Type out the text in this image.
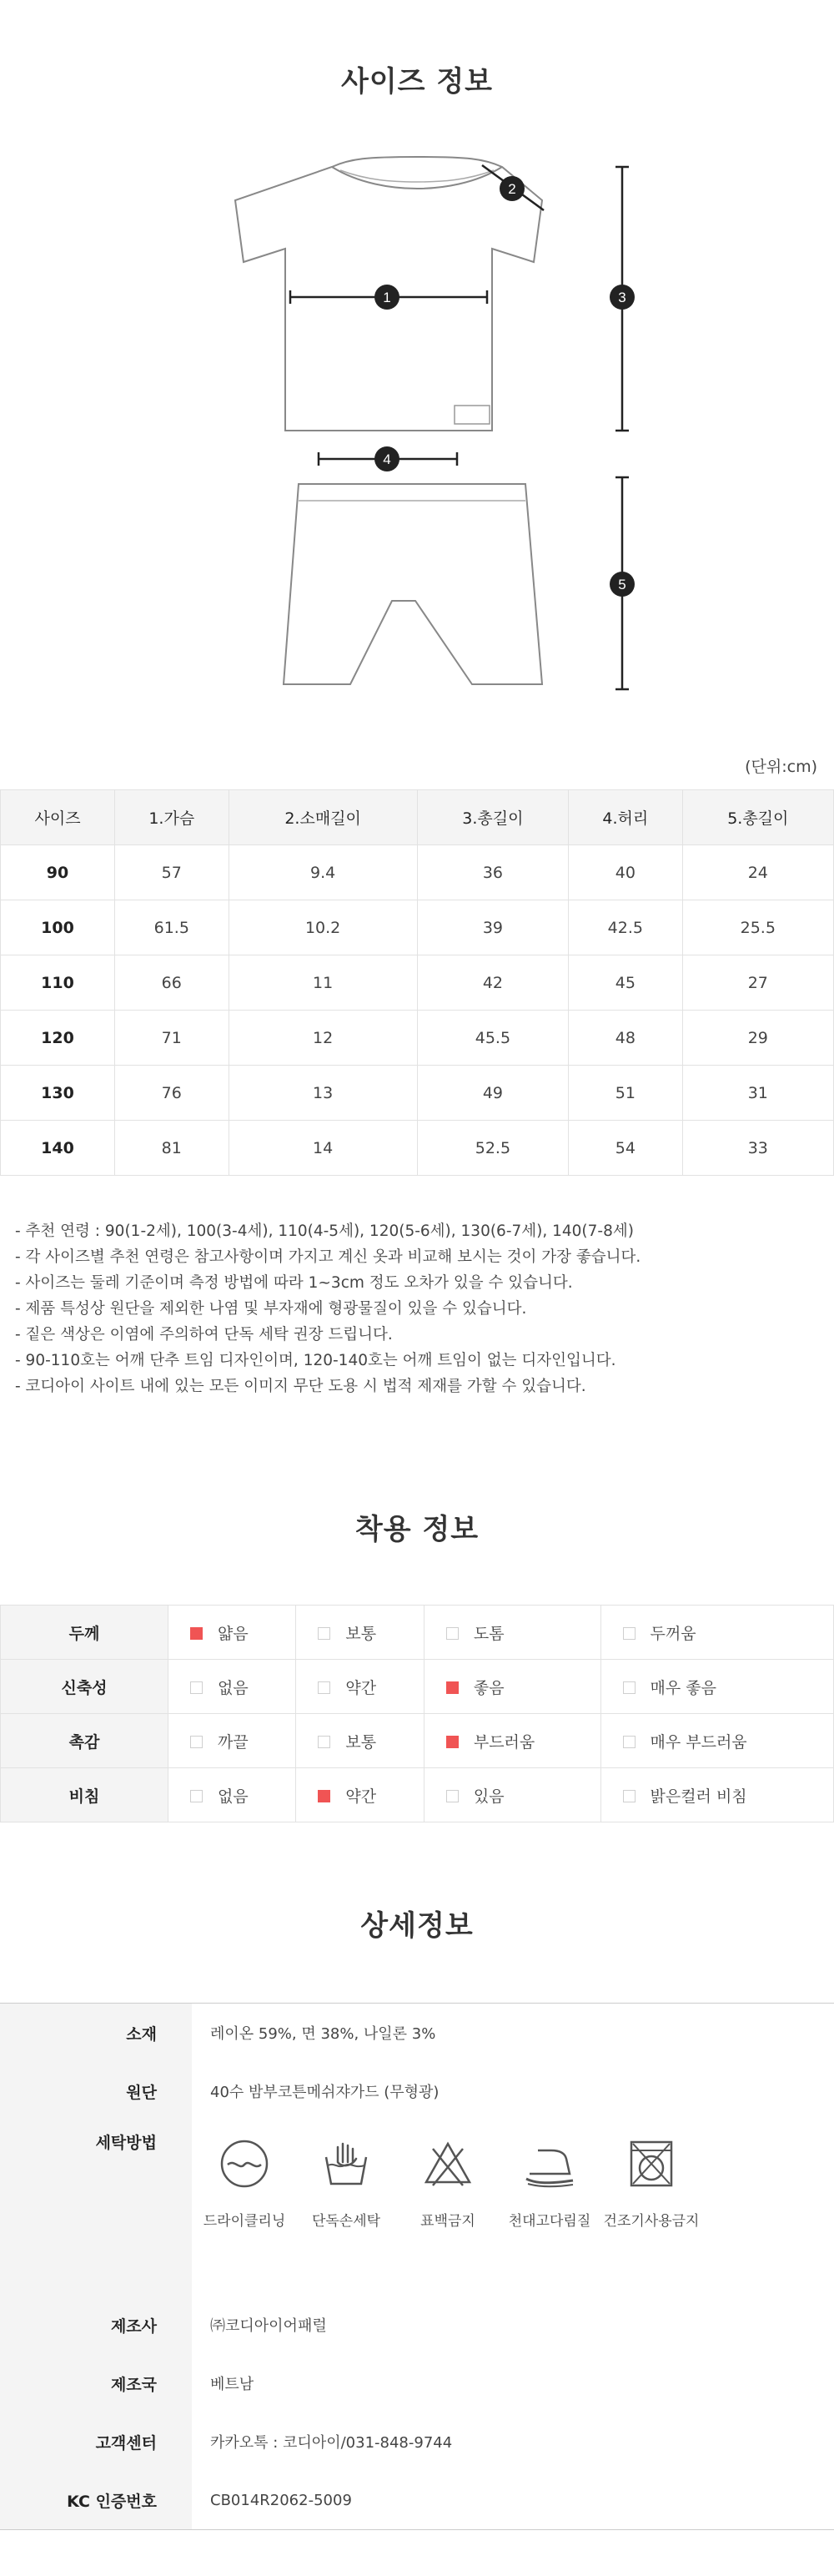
사이즈 정보
1
2
3
4
5
(단위:cm)
사이즈	1.가슴	2.소매길이	3.총길이	4.허리	5.총길이
90	57	9.4	36	40	24
100	61.5	10.2	39	42.5	25.5
110	66	11	42	45	27
120	71	12	45.5	48	29
130	76	13	49	51	31
140	81	14	52.5	54	33
- 추천 연령 : 90(1-2세), 100(3-4세), 110(4-5세), 120(5-6세), 130(6-7세), 140(7-8세)
- 각 사이즈별 추천 연령은 참고사항이며 가지고 계신 옷과 비교해 보시는 것이 가장 좋습니다.
- 사이즈는 둘레 기준이며 측정 방법에 따라 1~3cm 정도 오차가 있을 수 있습니다.
- 제품 특성상 원단을 제외한 나염 및 부자재에 형광물질이 있을 수 있습니다.
- 짙은 색상은 이염에 주의하여 단독 세탁 권장 드립니다.
- 90-110호는 어깨 단추 트임 디자인이며, 120-140호는 어깨 트임이 없는 디자인입니다.
- 코디아이 사이트 내에 있는 모든 이미지 무단 도용 시 법적 제재를 가할 수 있습니다.
착용 정보
두께	얇음	보통	도톰	두꺼움
신축성	없음	약간	좋음	매우 좋음
촉감	까끌	보통	부드러움	매우 부드러움
비침	없음	약간	있음	밝은컬러 비침
상세정보
소재	레이온 59%, 면 38%, 나일론 3%
원단	40수 밤부코튼메쉬쟈가드 (무형광)
세탁방법
드라이클리닝	단독손세탁	표백금지	천대고다림질 건조기사용금지
제조사	㈜코디아이어패럴
제조국	베트남
고객센터	카카오톡 : 코디아이/031-848-9744
KC 인증번호	CB014R2062-5009
